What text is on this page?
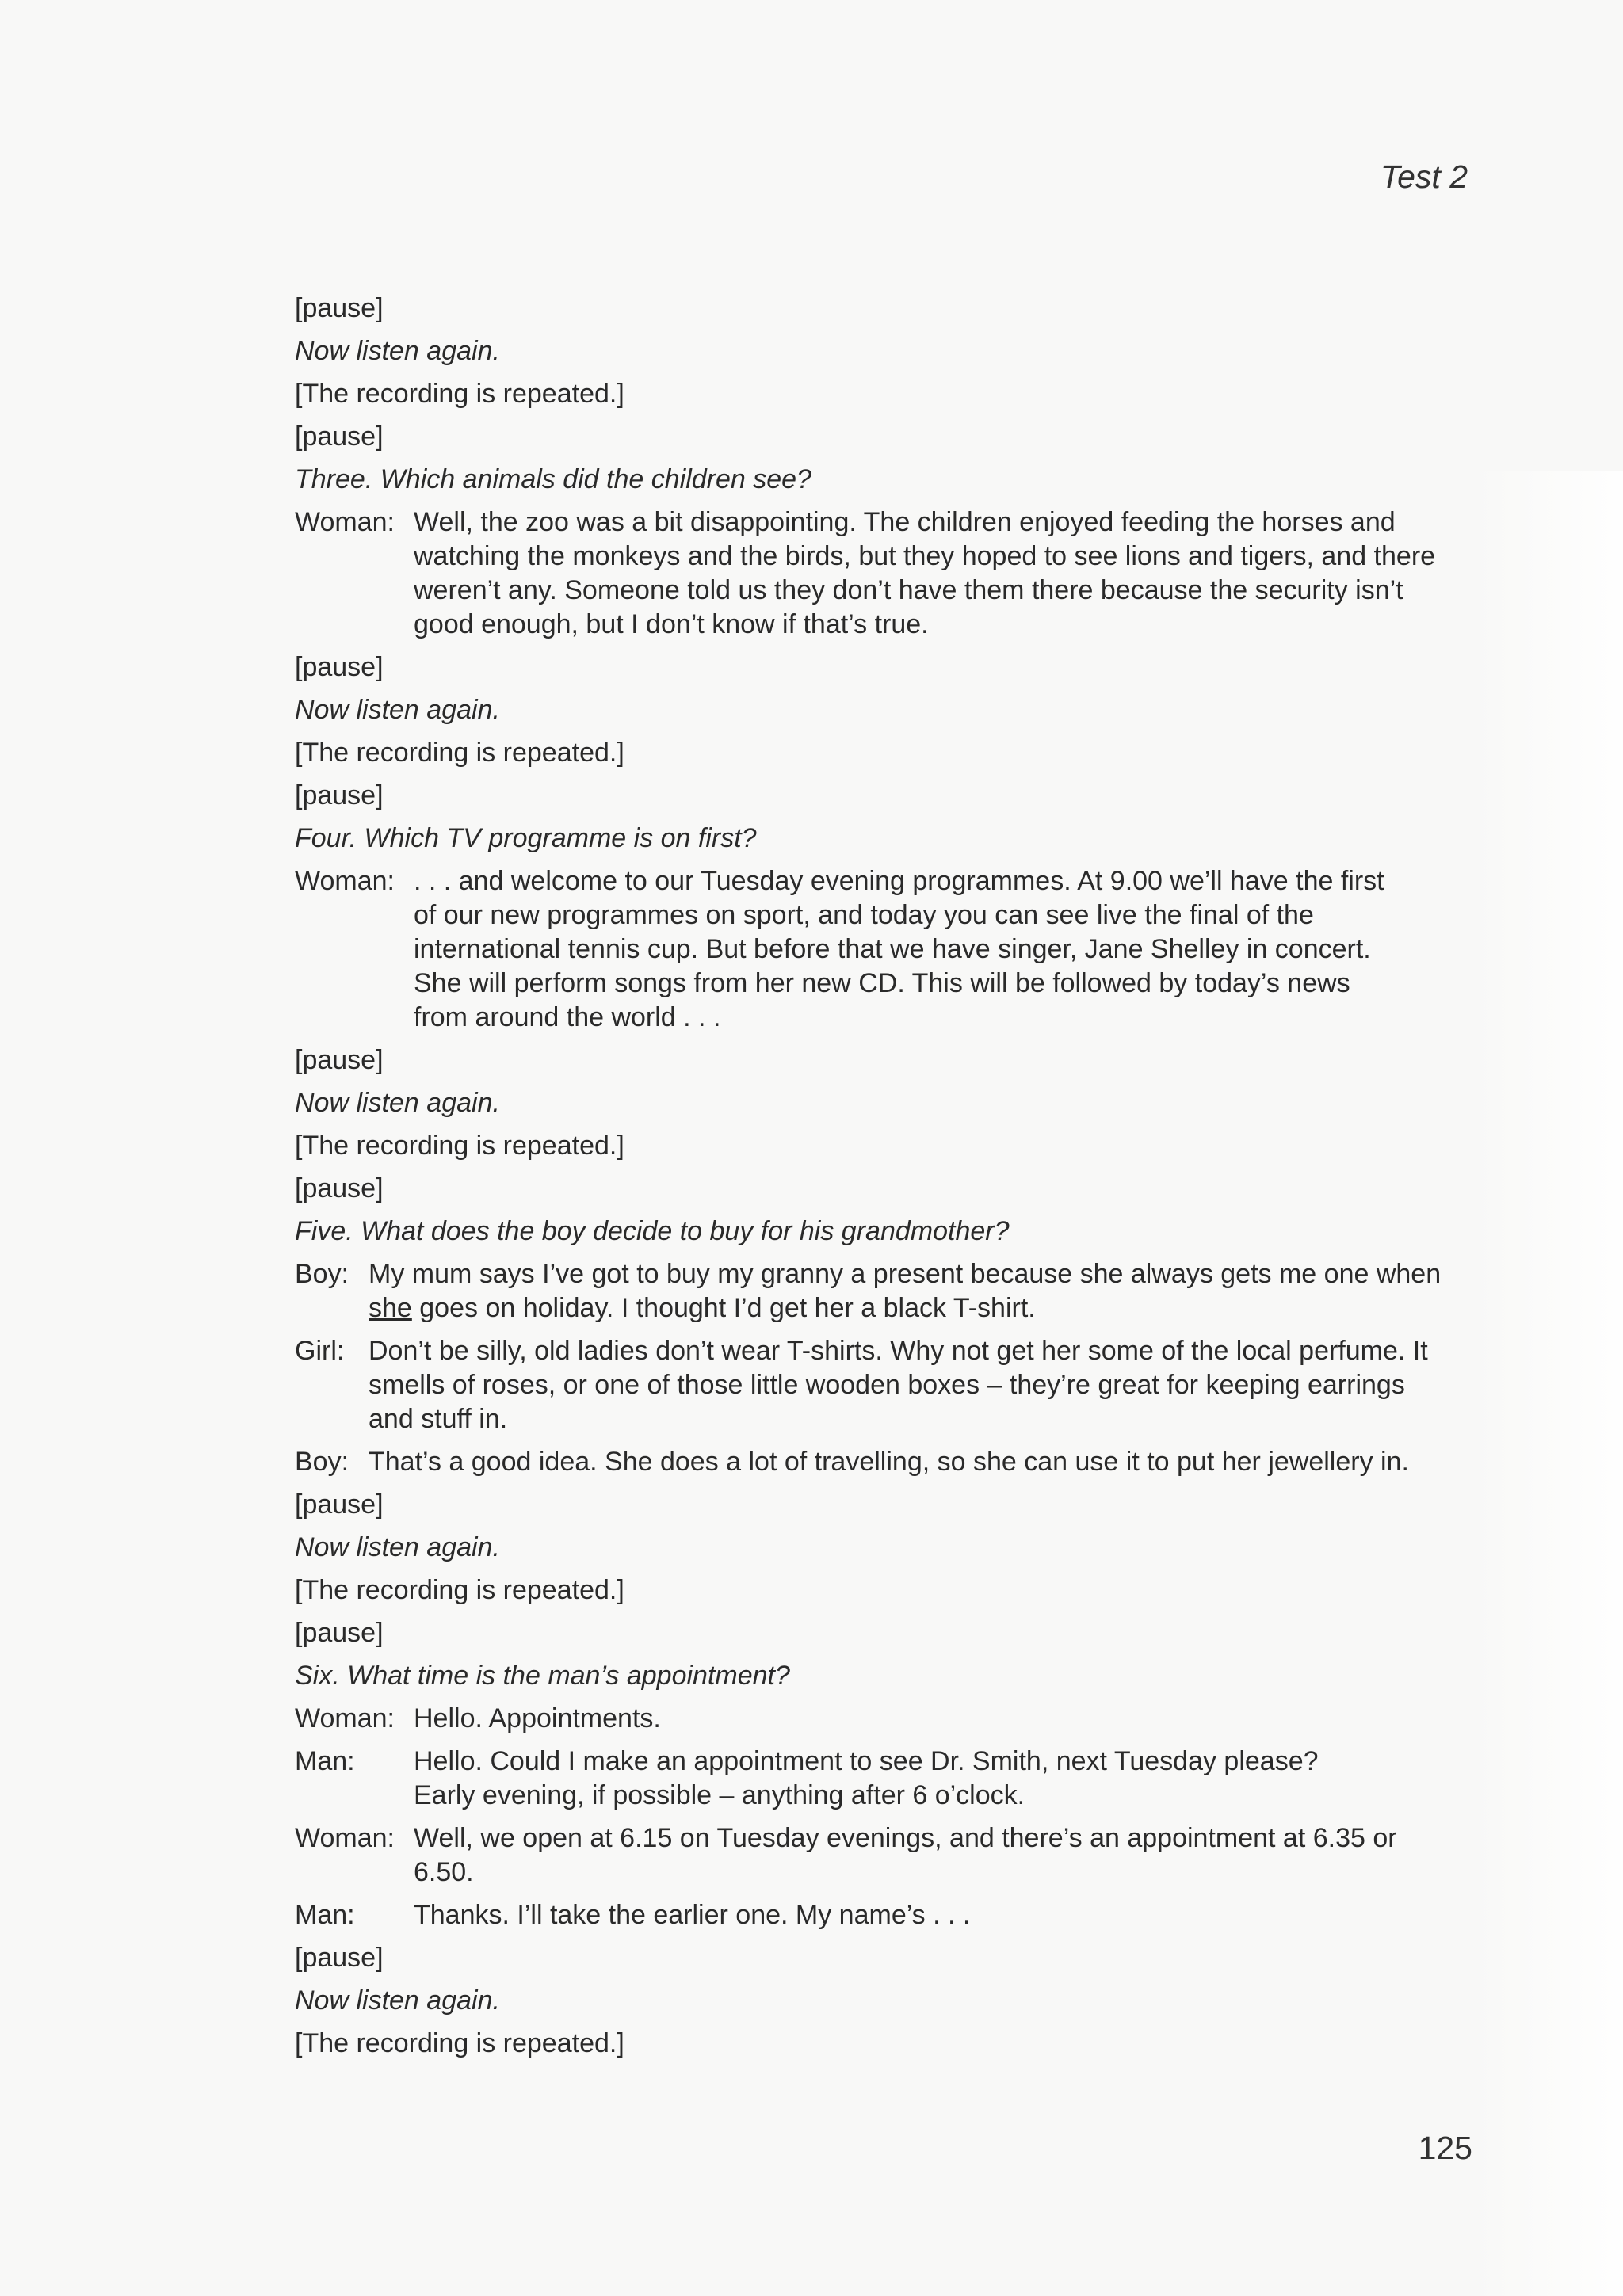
Test 2
[pause]
Now listen again.
[The recording is repeated.]
[pause]
Three. Which animals did the children see?
Woman: Well, the zoo was a bit disappointing. The children enjoyed feeding the horses and
watching the monkeys and the birds, but they hoped to see lions and tigers, and there
weren’t any. Someone told us they don’t have them there because the security isn’t
good enough, but I don’t know if that’s true.
[pause]
Now listen again.
[The recording is repeated.]
[pause]
Four. Which TV programme is on first?
Woman: . . . and welcome to our Tuesday evening programmes. At 9.00 we’ll have the first
of our new programmes on sport, and today you can see live the final of the
international tennis cup. But before that we have singer, Jane Shelley in concert.
She will perform songs from her new CD. This will be followed by today’s news
from around the world . . .
[pause]
Now listen again.
[The recording is repeated.]
[pause]
Five. What does the boy decide to buy for his grandmother?
Boy: My mum says I’ve got to buy my granny a present because she always gets me one when
she goes on holiday. I thought I’d get her a black T-shirt.
Girl: Don’t be silly, old ladies don’t wear T-shirts. Why not get her some of the local perfume. It
smells of roses, or one of those little wooden boxes – they’re great for keeping earrings
and stuff in.
Boy: That’s a good idea. She does a lot of travelling, so she can use it to put her jewellery in.
[pause]
Now listen again.
[The recording is repeated.]
[pause]
Six. What time is the man’s appointment?
Woman: Hello. Appointments.
Man:	Hello. Could I make an appointment to see Dr. Smith, next Tuesday please?
Early evening, if possible – anything after 6 o’clock.
Woman: Well, we open at 6.15 on Tuesday evenings, and there’s an appointment at 6.35 or
6.50.
Man:	Thanks. I’ll take the earlier one. My name’s . . .
[pause]
Now listen again.
[The recording is repeated.]
125
